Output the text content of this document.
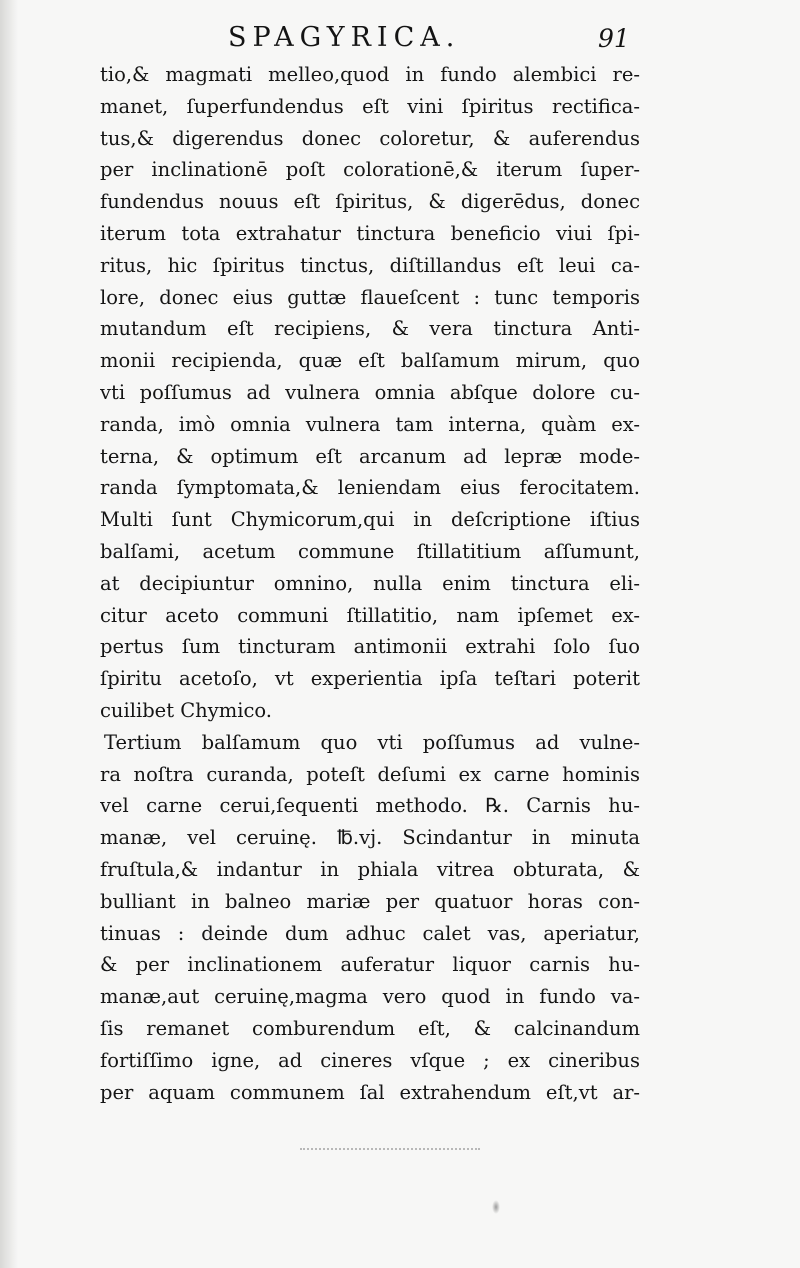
SPAGYRICA.	91
tio,& magmati melleo,quod in fundo alembici re-
manet, ſuperfundendus eſt vini ſpiritus rectifica-
tus,& digerendus donec coloretur, & auferendus
per inclinationē poſt colorationē,& iterum ſuper-
fundendus nouus eſt ſpiritus, & digerēdus, donec
iterum tota extrahatur tinctura beneficio viui ſpi-
ritus, hic ſpiritus tinctus, diſtillandus eſt leui ca-
lore, donec eius guttæ flaueſcent : tunc temporis
mutandum eſt recipiens, & vera tinctura Anti-
monii recipienda, quæ eſt balſamum mirum, quo
vti poſſumus ad vulnera omnia abſque dolore cu-
randa, imò omnia vulnera tam interna, quàm ex-
terna, & optimum eſt arcanum ad lepræ mode-
randa ſymptomata,& leniendam eius ferocitatem.
Multi ſunt Chymicorum,qui in deſcriptione iſtius
balſami, acetum commune ſtillatitium aſſumunt,
at decipiuntur omnino, nulla enim tinctura eli-
citur aceto communi ſtillatitio, nam ipſemet ex-
pertus ſum tincturam antimonii extrahi ſolo ſuo
ſpiritu acetoſo, vt experientia ipſa teſtari poterit
cuilibet Chymico.
Tertium balſamum quo vti poſſumus ad vulne-
ra noſtra curanda, poteſt deſumi ex carne hominis
vel carne cerui,ſequenti methodo. ℞. Carnis hu-
manæ, vel ceruinę. ℔.vj. Scindantur in minuta
fruſtula,& indantur in phiala vitrea obturata, &
bulliant in balneo mariæ per quatuor horas con-
tinuas : deinde dum adhuc calet vas, aperiatur,
& per inclinationem auferatur liquor carnis hu-
manæ,aut ceruinę,magma vero quod in fundo va-
ſis remanet comburendum eſt, & calcinandum
fortiſſimo igne, ad cineres vſque ; ex cineribus
per aquam communem ſal extrahendum eſt,vt ar-
